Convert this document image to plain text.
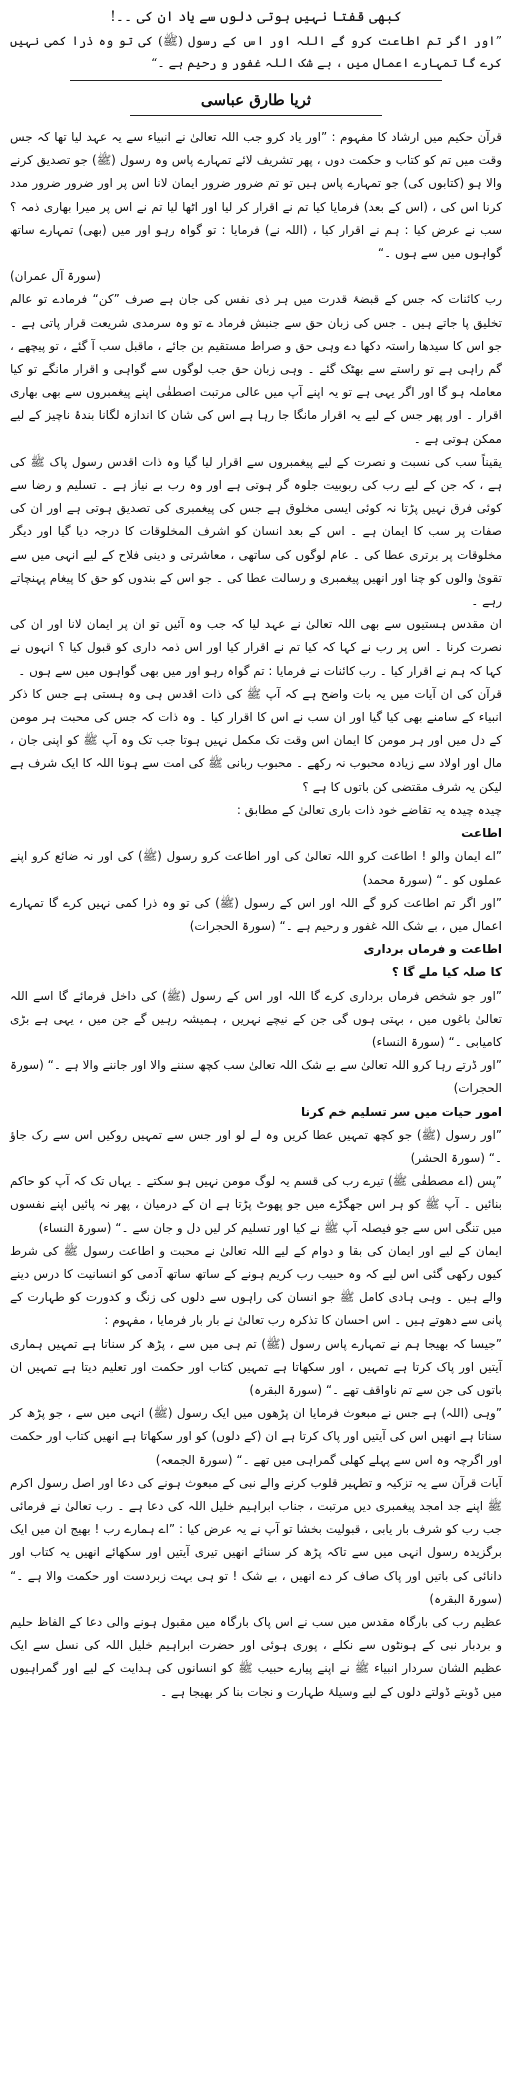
کبھی قفتا نہیں ہوتی دلوں سے یاد ان کی ۔۔!
”اور اگر تم اطاعت کرو گے اللہ اور اس کے رسول (ﷺ) کی تو وہ ذرا کمی نہیں کرے گا تمہارے اعمال میں ، بے شک اللہ غفور و رحیم ہے ۔“
ثریا طارق عباسی

قرآن حکیم میں ارشاد کا مفہوم : ”اور یاد کرو جب اللہ تعالیٰ نے انبیاء سے یہ عہد لیا تھا کہ جس وقت میں تم کو کتاب و حکمت دوں ، پھر تشریف لائے تمہارے پاس وہ رسول (ﷺ) جو تصدیق کرنے والا ہو (کتابوں کی) جو تمہارے پاس ہیں تو تم ضرور ضرور ایمان لانا اس پر اور ضرور ضرور مدد کرنا اس کی ، (اس کے بعد) فرمایا کیا تم نے اقرار کر لیا اور اٹھا لیا تم نے اس پر میرا بھاری ذمہ ؟ سب نے عرض کیا : ہم نے اقرار کیا ، (اللہ نے) فرمایا : تو گواہ رہو اور میں (بھی) تمہارے ساتھ گواہوں میں سے ہوں ۔“

(سورۃ آل عمران)

رب کائنات کہ جس کے قبضۂ قدرت میں ہر ذی نفس کی جان ہے صرف ”کن“ فرمادے تو عالم تخلیق پا جاتے ہیں ۔ جس کی زبان حق سے جنبش فرماد ے تو وہ سرمدی شریعت قرار پاتی ہے ۔ جو اس کا سیدھا راستہ دکھا دے وہی حق و صراط مستقیم بن جائے ، ماقبل سب آ گئے ، تو پیچھے ، گم راہی ہے تو راستے سے بھٹک گئے ۔ وہی زبان حق جب لوگوں سے گواہی و اقرار مانگے تو کیا معاملہ ہو گا اور اگر یہی ہے تو یہ اپنے آپ میں عالی مرتبت اصطفٰی اپنے پیغمبروں سے بھی بھاری اقرار ۔ اور پھر جس کے لیے یہ اقرار مانگا جا رہا ہے اس کی شان کا اندازہ لگانا بندۂ ناچیز کے لیے ممکن ہوتی ہے ۔

یقیناً سب کی نسبت و نصرت کے لیے پیغمبروں سے اقرار لیا گیا وہ ذات اقدس رسول پاک ﷺ کی ہے ، کہ جن کے لیے رب کی ربوبیت جلوہ گر ہوتی ہے اور وہ رب بے نیاز ہے ۔ تسلیم و رضا سے کوئی فرق نہیں پڑتا نہ کوئی ایسی مخلوق ہے جس کی پیغمبری کی تصدیق ہوتی ہے اور ان کی صفات پر سب کا ایمان ہے ۔ اس کے بعد انسان کو اشرف المخلوقات کا درجہ دیا گیا اور دیگر مخلوقات پر برتری عطا کی ۔ عام لوگوں کی ساتھی ، معاشرتی و دینی فلاح کے لیے انہی میں سے تقویٰ والوں کو چنا اور انھیں پیغمبری و رسالت عطا کی ۔ جو اس کے بندوں کو حق کا پیغام پہنچاتے رہے ۔

ان مقدس ہستیوں سے بھی اللہ تعالیٰ نے عہد لیا کہ جب وہ آئیں تو ان پر ایمان لانا اور ان کی نصرت کرنا ۔ اس پر رب نے کہا کہ کیا تم نے اقرار کیا اور اس ذمہ داری کو قبول کیا ؟ انہوں نے کہا کہ ہم نے اقرار کیا ۔ رب کائنات نے فرمایا : تم گواہ رہو اور میں بھی گواہوں میں سے ہوں ۔

قرآن کی ان آیات میں یہ بات واضح ہے کہ آپ ﷺ کی ذات اقدس ہی وہ ہستی ہے جس کا ذکر انبیاء کے سامنے بھی کیا گیا اور ان سب نے اس کا اقرار کیا ۔ وہ ذات کہ جس کی محبت ہر مومن کے دل میں اور ہر مومن کا ایمان اس وقت تک مکمل نہیں ہوتا جب تک وہ آپ ﷺ کو اپنی جان ، مال اور اولاد سے زیادہ محبوب نہ رکھے ۔ محبوب ربانی ﷺ کی امت سے ہونا اللہ کا ایک شرف ہے لیکن یہ شرف مقتضی کن باتوں کا ہے ؟

چیدہ چیدہ یہ تقاضے خود ذات باری تعالیٰ کے مطابق :

اطاعت

”اے ایمان والو ! اطاعت کرو اللہ تعالیٰ کی اور اطاعت کرو رسول (ﷺ) کی اور نہ ضائع کرو اپنے عملوں کو ۔“ (سورۃ محمد)

”اور اگر تم اطاعت کرو گے اللہ اور اس کے رسول (ﷺ) کی تو وہ ذرا کمی نہیں کرے گا تمہارے اعمال میں ، بے شک اللہ غفور و رحیم ہے ۔“ (سورۃ الحجرات)

اطاعت و فرماں برداری

کا صلہ کیا ملے گا ؟

”اور جو شخص فرماں برداری کرے گا اللہ اور اس کے رسول (ﷺ) کی داخل فرمائے گا اسے اللہ تعالیٰ باغوں میں ، بہتی ہوں گی جن کے نیچے نہریں ، ہمیشہ رہیں گے جن میں ، یہی ہے بڑی کامیابی ۔“ (سورۃ النساء)

”اور ڈرتے رہا کرو اللہ تعالیٰ سے بے شک اللہ تعالیٰ سب کچھ سننے والا اور جاننے والا ہے ۔“ (سورۃ الحجرات)

امور حیات میں سر تسلیم خم کرنا

”اور رسول (ﷺ) جو کچھ تمہیں عطا کریں وہ لے لو اور جس سے تمہیں روکیں اس سے رک جاؤ ۔“ (سورۃ الحشر)

”پس (اے مصطفٰی ﷺ) تیرے رب کی قسم یہ لوگ مومن نہیں ہو سکتے ۔ یہاں تک کہ آپ کو حاکم بنائیں ۔ آپ ﷺ کو ہر اس جھگڑے میں جو پھوٹ پڑتا ہے ان کے درمیان ، پھر نہ پائیں اپنے نفسوں میں تنگی اس سے جو فیصلہ آپ ﷺ نے کیا اور تسلیم کر لیں دل و جان سے ۔“ (سورۃ النساء)

ایمان کے لیے اور ایمان کی بقا و دوام کے لیے اللہ تعالیٰ نے محبت و اطاعت رسول ﷺ کی شرط کیوں رکھی گئی اس لیے کہ وہ حبیب رب کریم ہونے کے ساتھ ساتھ آدمی کو انسانیت کا درس دینے والے ہیں ۔ وہی ہادی کامل ﷺ جو انسان کی راہوں سے دلوں کی زنگ و کدورت کو طہارت کے پانی سے دھوتے ہیں ۔ اس احسان کا تذکرہ رب تعالیٰ نے بار بار فرمایا ، مفہوم :

”جیسا کہ بھیجا ہم نے تمہارے پاس رسول (ﷺ) تم ہی میں سے ، پڑھ کر سناتا ہے تمہیں ہماری آیتیں اور پاک کرتا ہے تمہیں ، اور سکھاتا ہے تمہیں کتاب اور حکمت اور تعلیم دیتا ہے تمہیں ان باتوں کی جن سے تم ناواقف تھے ۔“ (سورۃ البقرہ)

”وہی (اللہ) ہے جس نے مبعوث فرمایا ان پڑھوں میں ایک رسول (ﷺ) انہی میں سے ، جو پڑھ کر سناتا ہے انھیں اس کی آیتیں اور پاک کرتا ہے ان (کے دلوں) کو اور سکھاتا ہے انھیں کتاب اور حکمت اور اگرچہ وہ اس سے پہلے کھلی گمراہی میں تھے ۔“ (سورۃ الجمعہ)

آیات قرآن سے یہ تزکیہ و تطہیر قلوب کرنے والے نبی کے مبعوث ہونے کی دعا اور اصل رسول اکرم ﷺ اپنے جد امجد پیغمبری دیں مرتبت ، جناب ابراہیم خلیل اللہ کی دعا ہے ۔ رب تعالیٰ نے فرمائی جب رب کو شرف بار یابی ، قبولیت بخشا تو آپ نے یہ عرض کیا : ”اے ہمارے رب ! بھیج ان میں ایک برگزیدہ رسول انہی میں سے تاکہ پڑھ کر سنائے انھیں تیری آیتیں اور سکھائے انھیں یہ کتاب اور دانائی کی باتیں اور پاک صاف کر دے انھیں ، بے شک ! تو ہی بہت زبردست اور حکمت والا ہے ۔“ (سورۃ البقرہ)

عظیم رب کی بارگاہ مقدس میں سب نے اس پاک بارگاہ میں مقبول ہونے والی دعا کے الفاظ حلیم و بردبار نبی کے ہونٹوں سے نکلے ، پوری ہوئی اور حضرت ابراہیم خلیل اللہ کی نسل سے ایک عظیم الشان سردار انبیاء ﷺ نے اپنے پیارے حبیب ﷺ کو انسانوں کی ہدایت کے لیے اور گمراہیوں میں ڈوبتے ڈولتے دلوں کے لیے وسیلۂ طہارت و نجات بنا کر بھیجا ہے ۔
